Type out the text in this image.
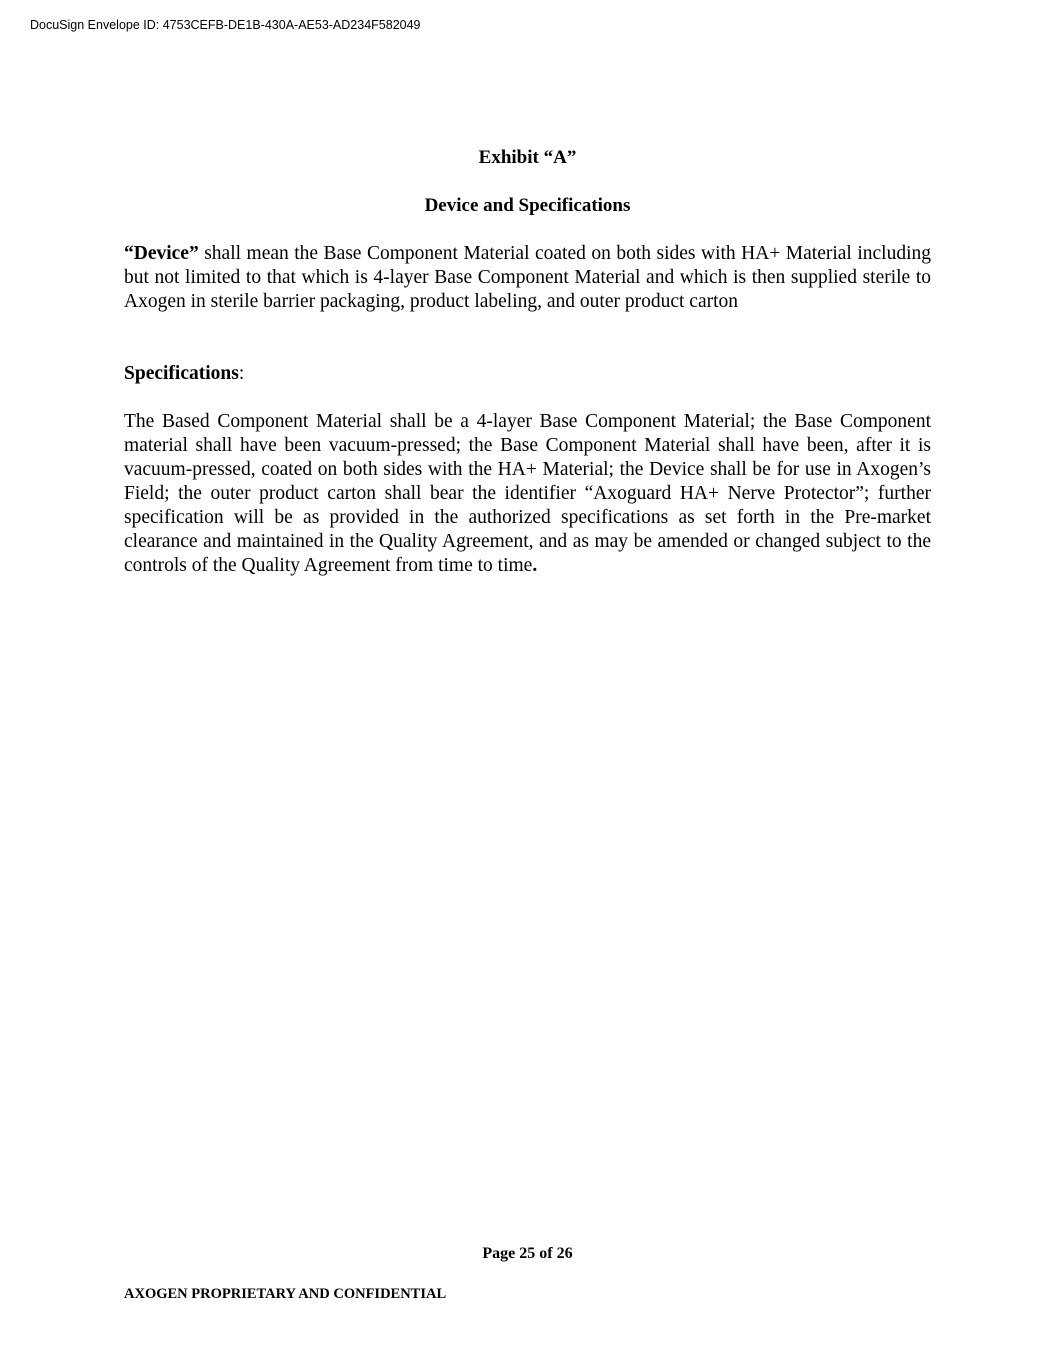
DocuSign Envelope ID: 4753CEFB-DE1B-430A-AE53-AD234F582049

Exhibit “A”

Device and Specifications

“Device” shall mean the Base Component Material coated on both sides with HA+ Material including but not limited to that which is 4-layer Base Component Material and which is then supplied sterile to Axogen in sterile barrier packaging, product labeling, and outer product carton

Specifications:

The Based Component Material shall be a 4-layer Base Component Material; the Base Component material shall have been vacuum-pressed; the Base Component Material shall have been, after it is vacuum-pressed, coated on both sides with the HA+ Material; the Device shall be for use in Axogen’s Field; the outer product carton shall bear the identifier “Axoguard HA+ Nerve Protector”; further specification will be as provided in the authorized specifications as set forth in the Pre-market clearance and maintained in the Quality Agreement, and as may be amended or changed subject to the controls of the Quality Agreement from time to time.

Page 25 of 26
AXOGEN PROPRIETARY AND CONFIDENTIAL
